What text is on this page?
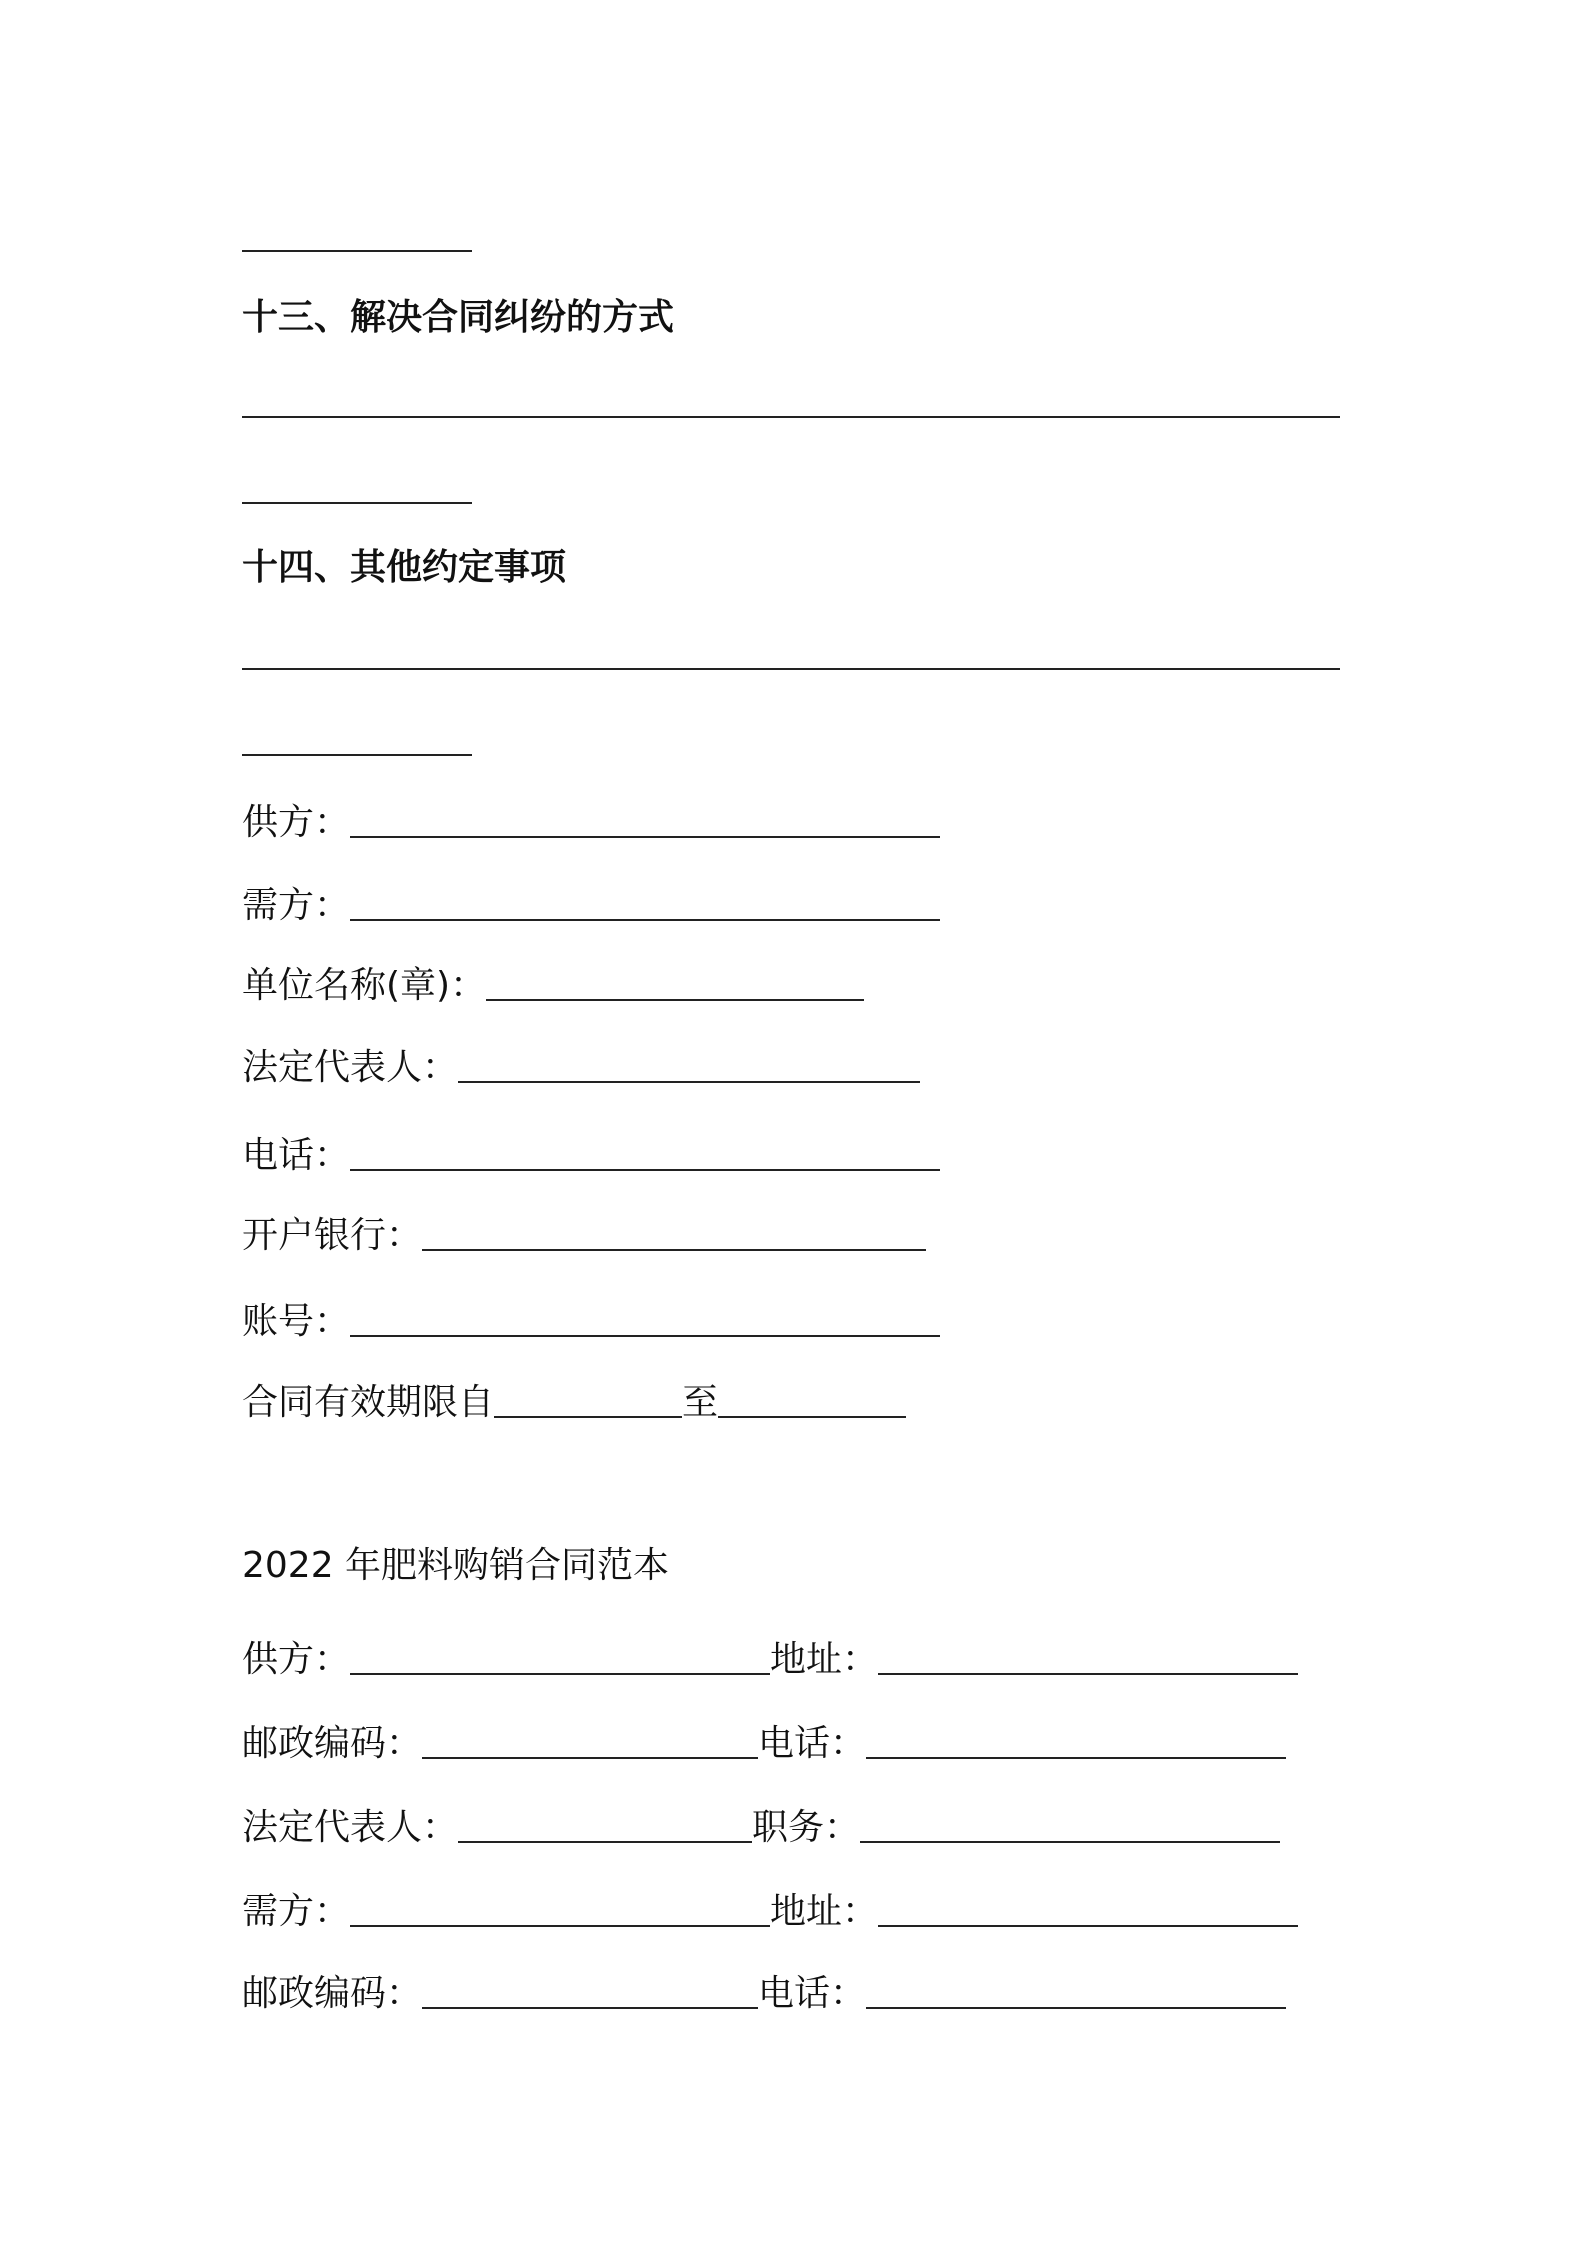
十三、解决合同纠纷的方式
十四、其他约定事项
供方：
需方：
单位名称(章)：
法定代表人：
电话：
开户银行：
账号：
合同有效期限自	至
2022 年肥料购销合同范本
供方：	地址：
邮政编码：	电话：
法定代表人：	职务：
需方：	地址：
邮政编码：	电话：
